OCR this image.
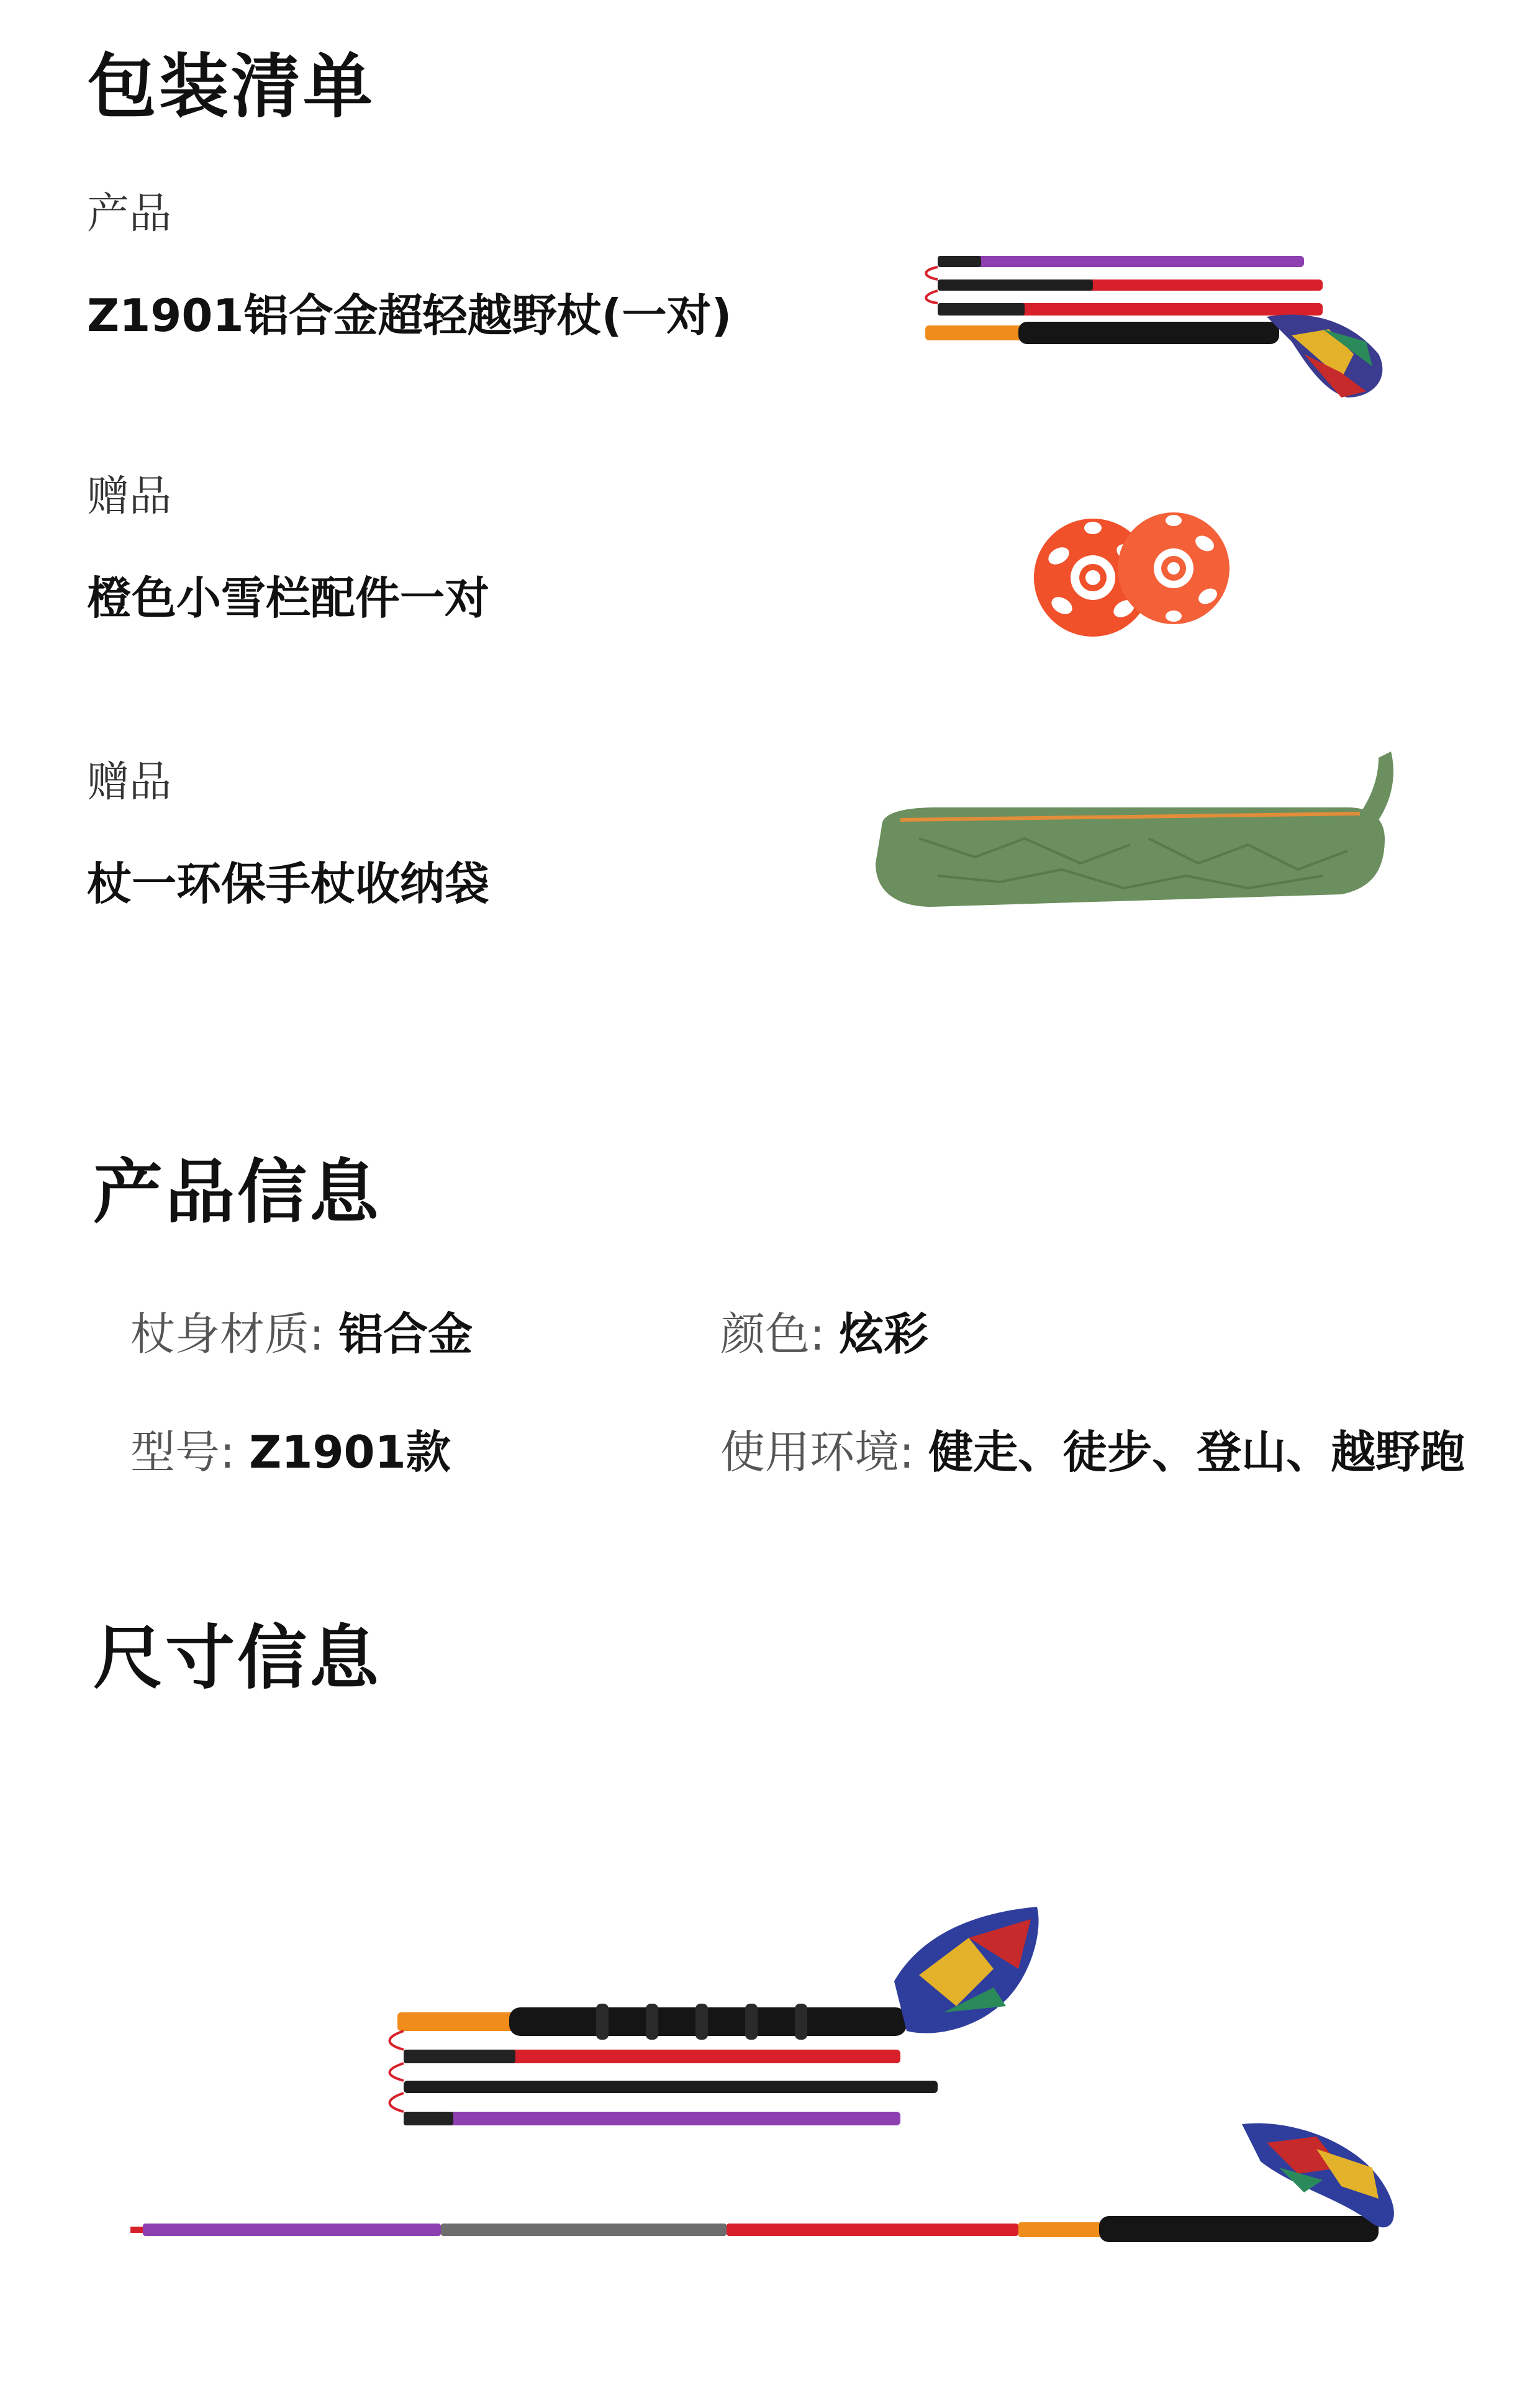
包装清单
产品
Z1901铝合金超轻越野杖(一对)
赠品
橙色小雪栏配件一对
赠品
杖一环保手杖收纳袋
产品信息
杖身材质: 铝合金	颜色: 炫彩
型号: Z1901款	使用环境: 健走、徒步、登山、越野跑
尺寸信息
